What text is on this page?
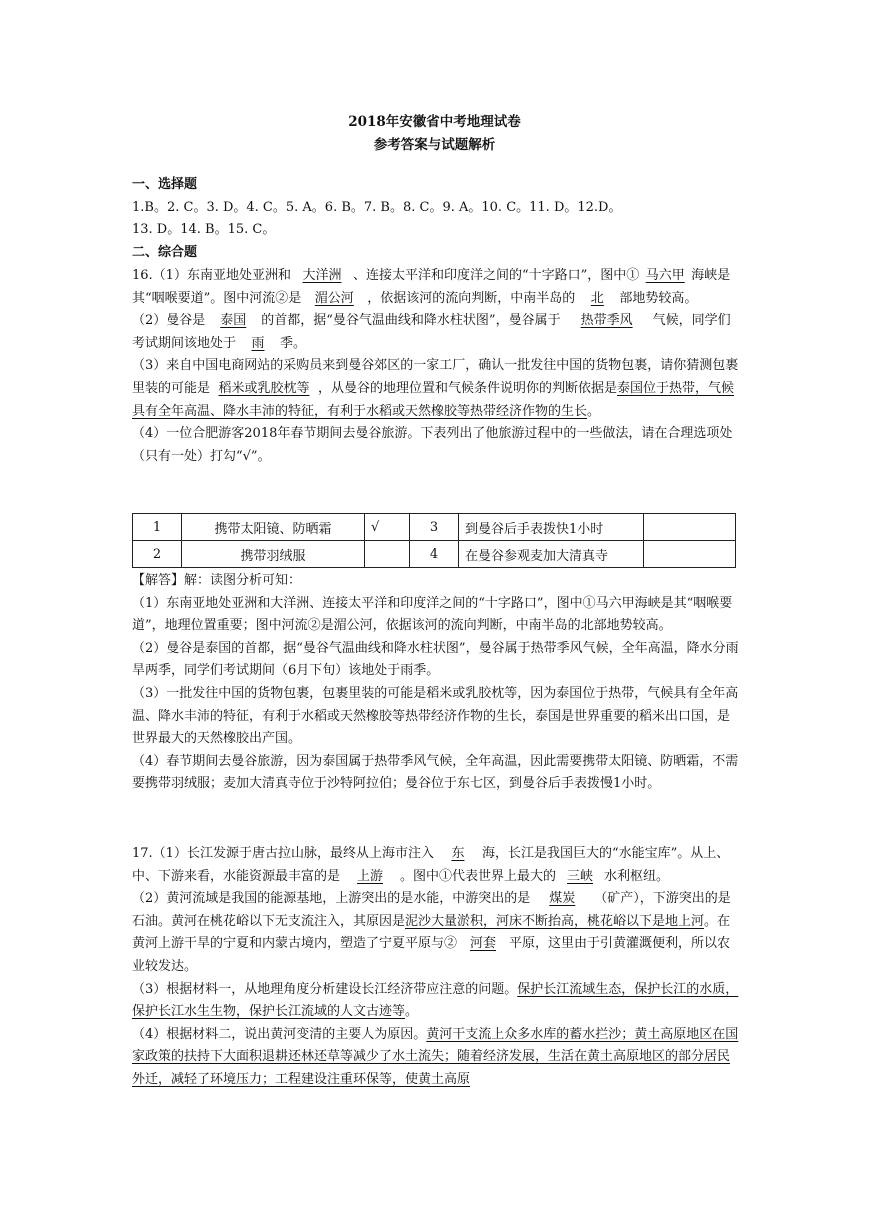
2018年安徽省中考地理试卷
参考答案与试题解析

一、选择题

1.B。2. C。3. D。4. C。5. A。6. B。7. B。8. C。9. A。10. C。11. D。12.D。

13. D。14. B。15. C。

二、综合题

16.（1）东南亚地处亚洲和 大洋洲 、连接太平洋和印度洋之间的“十字路口”，图中① 马六甲 海峡是其“咽喉要道”。图中河流②是 湄公河 ，依据该河的流向判断，中南半岛的 北 部地势较高。

（2）曼谷是 泰国 的首都，据“曼谷气温曲线和降水柱状图”，曼谷属于 热带季风 气候，同学们考试期间该地处于 雨 季。

（3）来自中国电商网站的采购员来到曼谷郊区的一家工厂，确认一批发往中国的货物包裹，请你猜测包裹里装的可能是 稻米或乳胶枕等 ，从曼谷的地理位置和气候条件说明你的判断依据是泰国位于热带，气候具有全年高温、降水丰沛的特征，有利于水稻或天然橡胶等热带经济作物的生长。

（4）一位合肥游客2018年春节期间去曼谷旅游。下表列出了他旅游过程中的一些做法，请在合理选项处（只有一处）打勾“√”。

1	携带太阳镜、防晒霜	√	3	到曼谷后手表拨快1小时	
2	携带羽绒服		4	在曼谷参观麦加大清真寺	

【解答】解：读图分析可知：

（1）东南亚地处亚洲和大洋洲、连接太平洋和印度洋之间的“十字路口”，图中①马六甲海峡是其“咽喉要道”，地理位置重要；图中河流②是湄公河，依据该河的流向判断，中南半岛的北部地势较高。

（2）曼谷是泰国的首都，据“曼谷气温曲线和降水柱状图”，曼谷属于热带季风气候，全年高温，降水分雨旱两季，同学们考试期间（6月下旬）该地处于雨季。

（3）一批发往中国的货物包裹，包裹里装的可能是稻米或乳胶枕等，因为泰国位于热带，气候具有全年高温、降水丰沛的特征，有利于水稻或天然橡胶等热带经济作物的生长，泰国是世界重要的稻米出口国，是世界最大的天然橡胶出产国。

（4）春节期间去曼谷旅游，因为泰国属于热带季风气候，全年高温，因此需要携带太阳镜、防晒霜，不需要携带羽绒服；麦加大清真寺位于沙特阿拉伯；曼谷位于东七区，到曼谷后手表拨慢1小时。

17.（1）长江发源于唐古拉山脉，最终从上海市注入 东 海，长江是我国巨大的“水能宝库”。从上、中、下游来看，水能资源最丰富的是 上游 。图中①代表世界上最大的 三峡 水利枢纽。

（2）黄河流域是我国的能源基地，上游突出的是水能，中游突出的是 煤炭 （矿产），下游突出的是石油。黄河在桃花峪以下无支流注入，其原因是泥沙大量淤积，河床不断抬高，桃花峪以下是地上河。在黄河上游干旱的宁夏和内蒙古境内，塑造了宁夏平原与② 河套 平原，这里由于引黄灌溉便利，所以农业较发达。

（3）根据材料一，从地理角度分析建设长江经济带应注意的问题。保护长江流域生态，保护长江的水质，保护长江水生生物，保护长江流域的人文古迹等。

（4）根据材料二，说出黄河变清的主要人为原因。黄河干支流上众多水库的蓄水拦沙；黄土高原地区在国家政策的扶持下大面积退耕还林还草等减少了水土流失；随着经济发展，生活在黄土高原地区的部分居民外迁，减轻了环境压力；工程建设注重环保等，使黄土高原
